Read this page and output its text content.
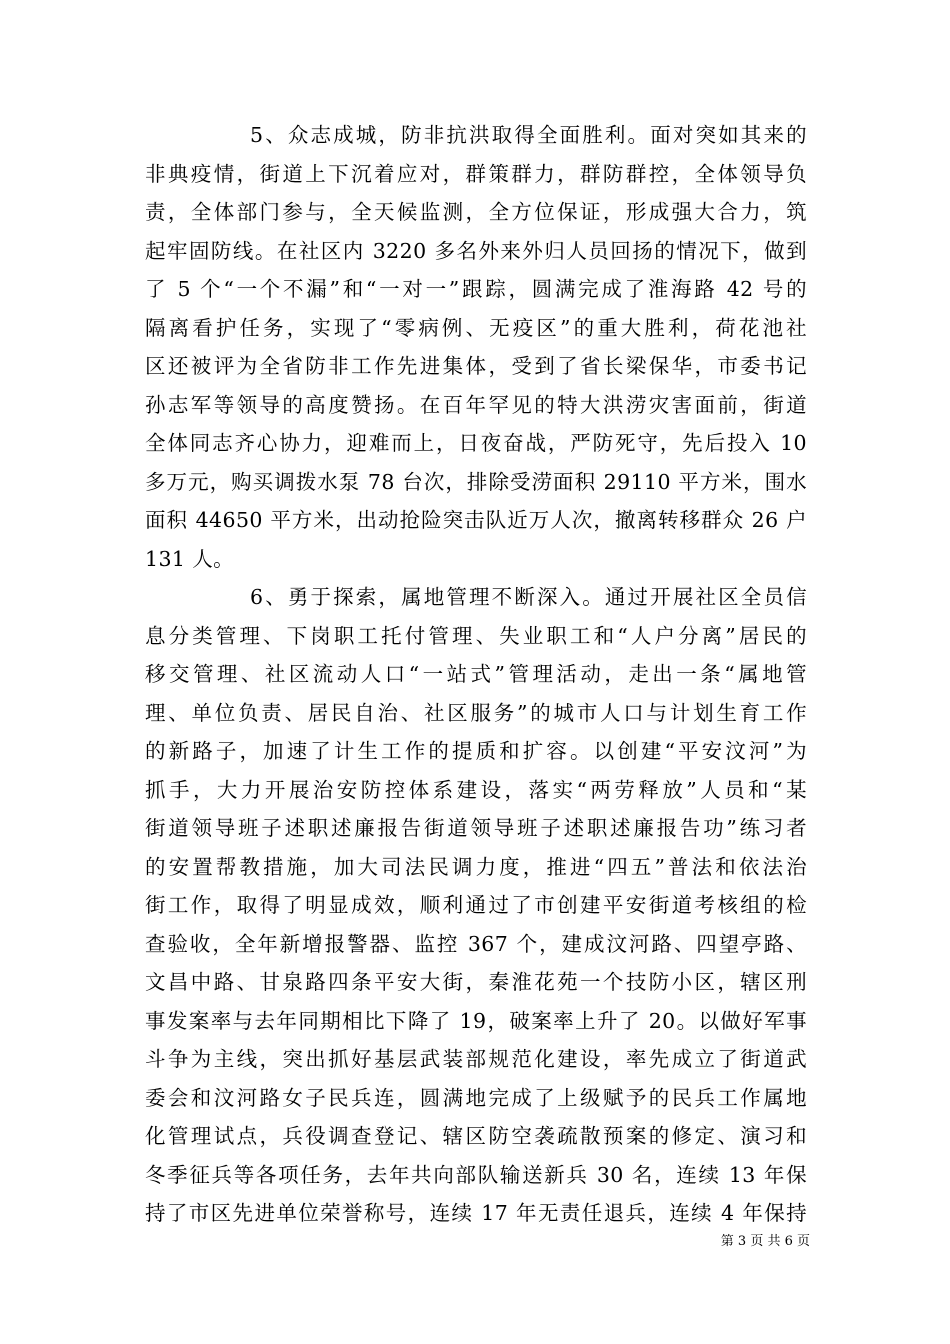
5、众志成城，防非抗洪取得全面胜利。面对突如其来的
非典疫情，街道上下沉着应对，群策群力，群防群控，全体领导负
责，全体部门参与，全天候监测，全方位保证，形成强大合力，筑
起牢固防线。在社区内 3220 多名外来外归人员回扬的情况下，做到
了 5 个“一个不漏”和“一对一”跟踪，圆满完成了淮海路 42 号的
隔离看护任务，实现了“零病例、无疫区”的重大胜利，荷花池社
区还被评为全省防非工作先进集体，受到了省长梁保华，市委书记
孙志军等领导的高度赞扬。在百年罕见的特大洪涝灾害面前，街道
全体同志齐心协力，迎难而上，日夜奋战，严防死守，先后投入 10
多万元，购买调拨水泵 78 台次，排除受涝面积 29110 平方米，围水
面积 44650 平方米，出动抢险突击队近万人次，撤离转移群众 26 户
131 人。
6、勇于探索，属地管理不断深入。通过开展社区全员信
息分类管理、下岗职工托付管理、失业职工和“人户分离”居民的
移交管理、社区流动人口“一站式”管理活动，走出一条“属地管
理、单位负责、居民自治、社区服务”的城市人口与计划生育工作
的新路子，加速了计生工作的提质和扩容。以创建“平安汶河”为
抓手，大力开展治安防控体系建设，落实“两劳释放”人员和“某
街道领导班子述职述廉报告街道领导班子述职述廉报告功”练习者
的安置帮教措施，加大司法民调力度，推进“四五”普法和依法治
街工作，取得了明显成效，顺利通过了市创建平安街道考核组的检
查验收，全年新增报警器、监控 367 个，建成汶河路、四望亭路、
文昌中路、甘泉路四条平安大街，秦淮花苑一个技防小区，辖区刑
事发案率与去年同期相比下降了 19，破案率上升了 20。以做好军事
斗争为主线，突出抓好基层武装部规范化建设，率先成立了街道武
委会和汶河路女子民兵连，圆满地完成了上级赋予的民兵工作属地
化管理试点，兵役调查登记、辖区防空袭疏散预案的修定、演习和
冬季征兵等各项任务，去年共向部队输送新兵 30 名，连续 13 年保
持了市区先进单位荣誉称号，连续 17 年无责任退兵，连续 4 年保持
第 3 页 共 6 页
